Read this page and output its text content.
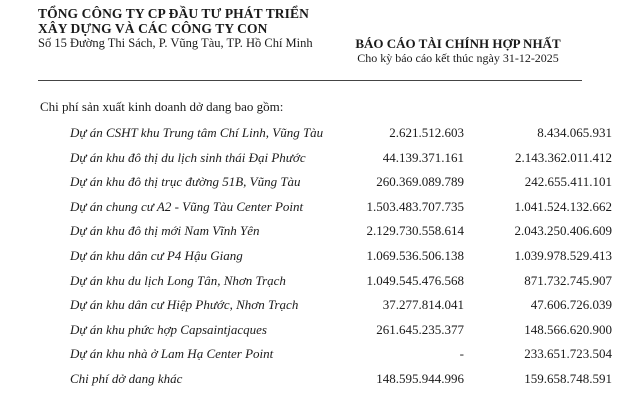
TỔNG CÔNG TY CP ĐẦU TƯ PHÁT TRIỂN
XÂY DỰNG VÀ CÁC CÔNG TY CON
Số 15 Đường Thi Sách, P. Vũng Tàu, TP. Hồ Chí Minh	BÁO CÁO TÀI CHÍNH HỢP NHẤT
Cho kỳ báo cáo kết thúc ngày 31-12-2025
Chi phí sản xuất kinh doanh dở dang bao gồm:
Dự án CSHT khu Trung tâm Chí Linh, Vũng Tàu	2.621.512.603	8.434.065.931
Dự án khu đô thị du lịch sinh thái Đại Phước	44.139.371.161	2.143.362.011.412
Dự án khu đô thị trục đường 51B, Vũng Tàu	260.369.089.789	242.655.411.101
Dự án chung cư A2 - Vũng Tàu Center Point	1.503.483.707.735	1.041.524.132.662
Dự án khu đô thị mới Nam Vĩnh Yên	2.129.730.558.614	2.043.250.406.609
Dự án khu dân cư P4 Hậu Giang	1.069.536.506.138	1.039.978.529.413
Dự án khu du lịch Long Tân, Nhơn Trạch	1.049.545.476.568	871.732.745.907
Dự án khu dân cư Hiệp Phước, Nhơn Trạch	37.277.814.041	47.606.726.039
Dự án khu phức hợp Capsaintjacques	261.645.235.377	148.566.620.900
Dự án khu nhà ở Lam Hạ Center Point	-	233.651.723.504
Chi phí dở dang khác	148.595.944.996	159.658.748.591
